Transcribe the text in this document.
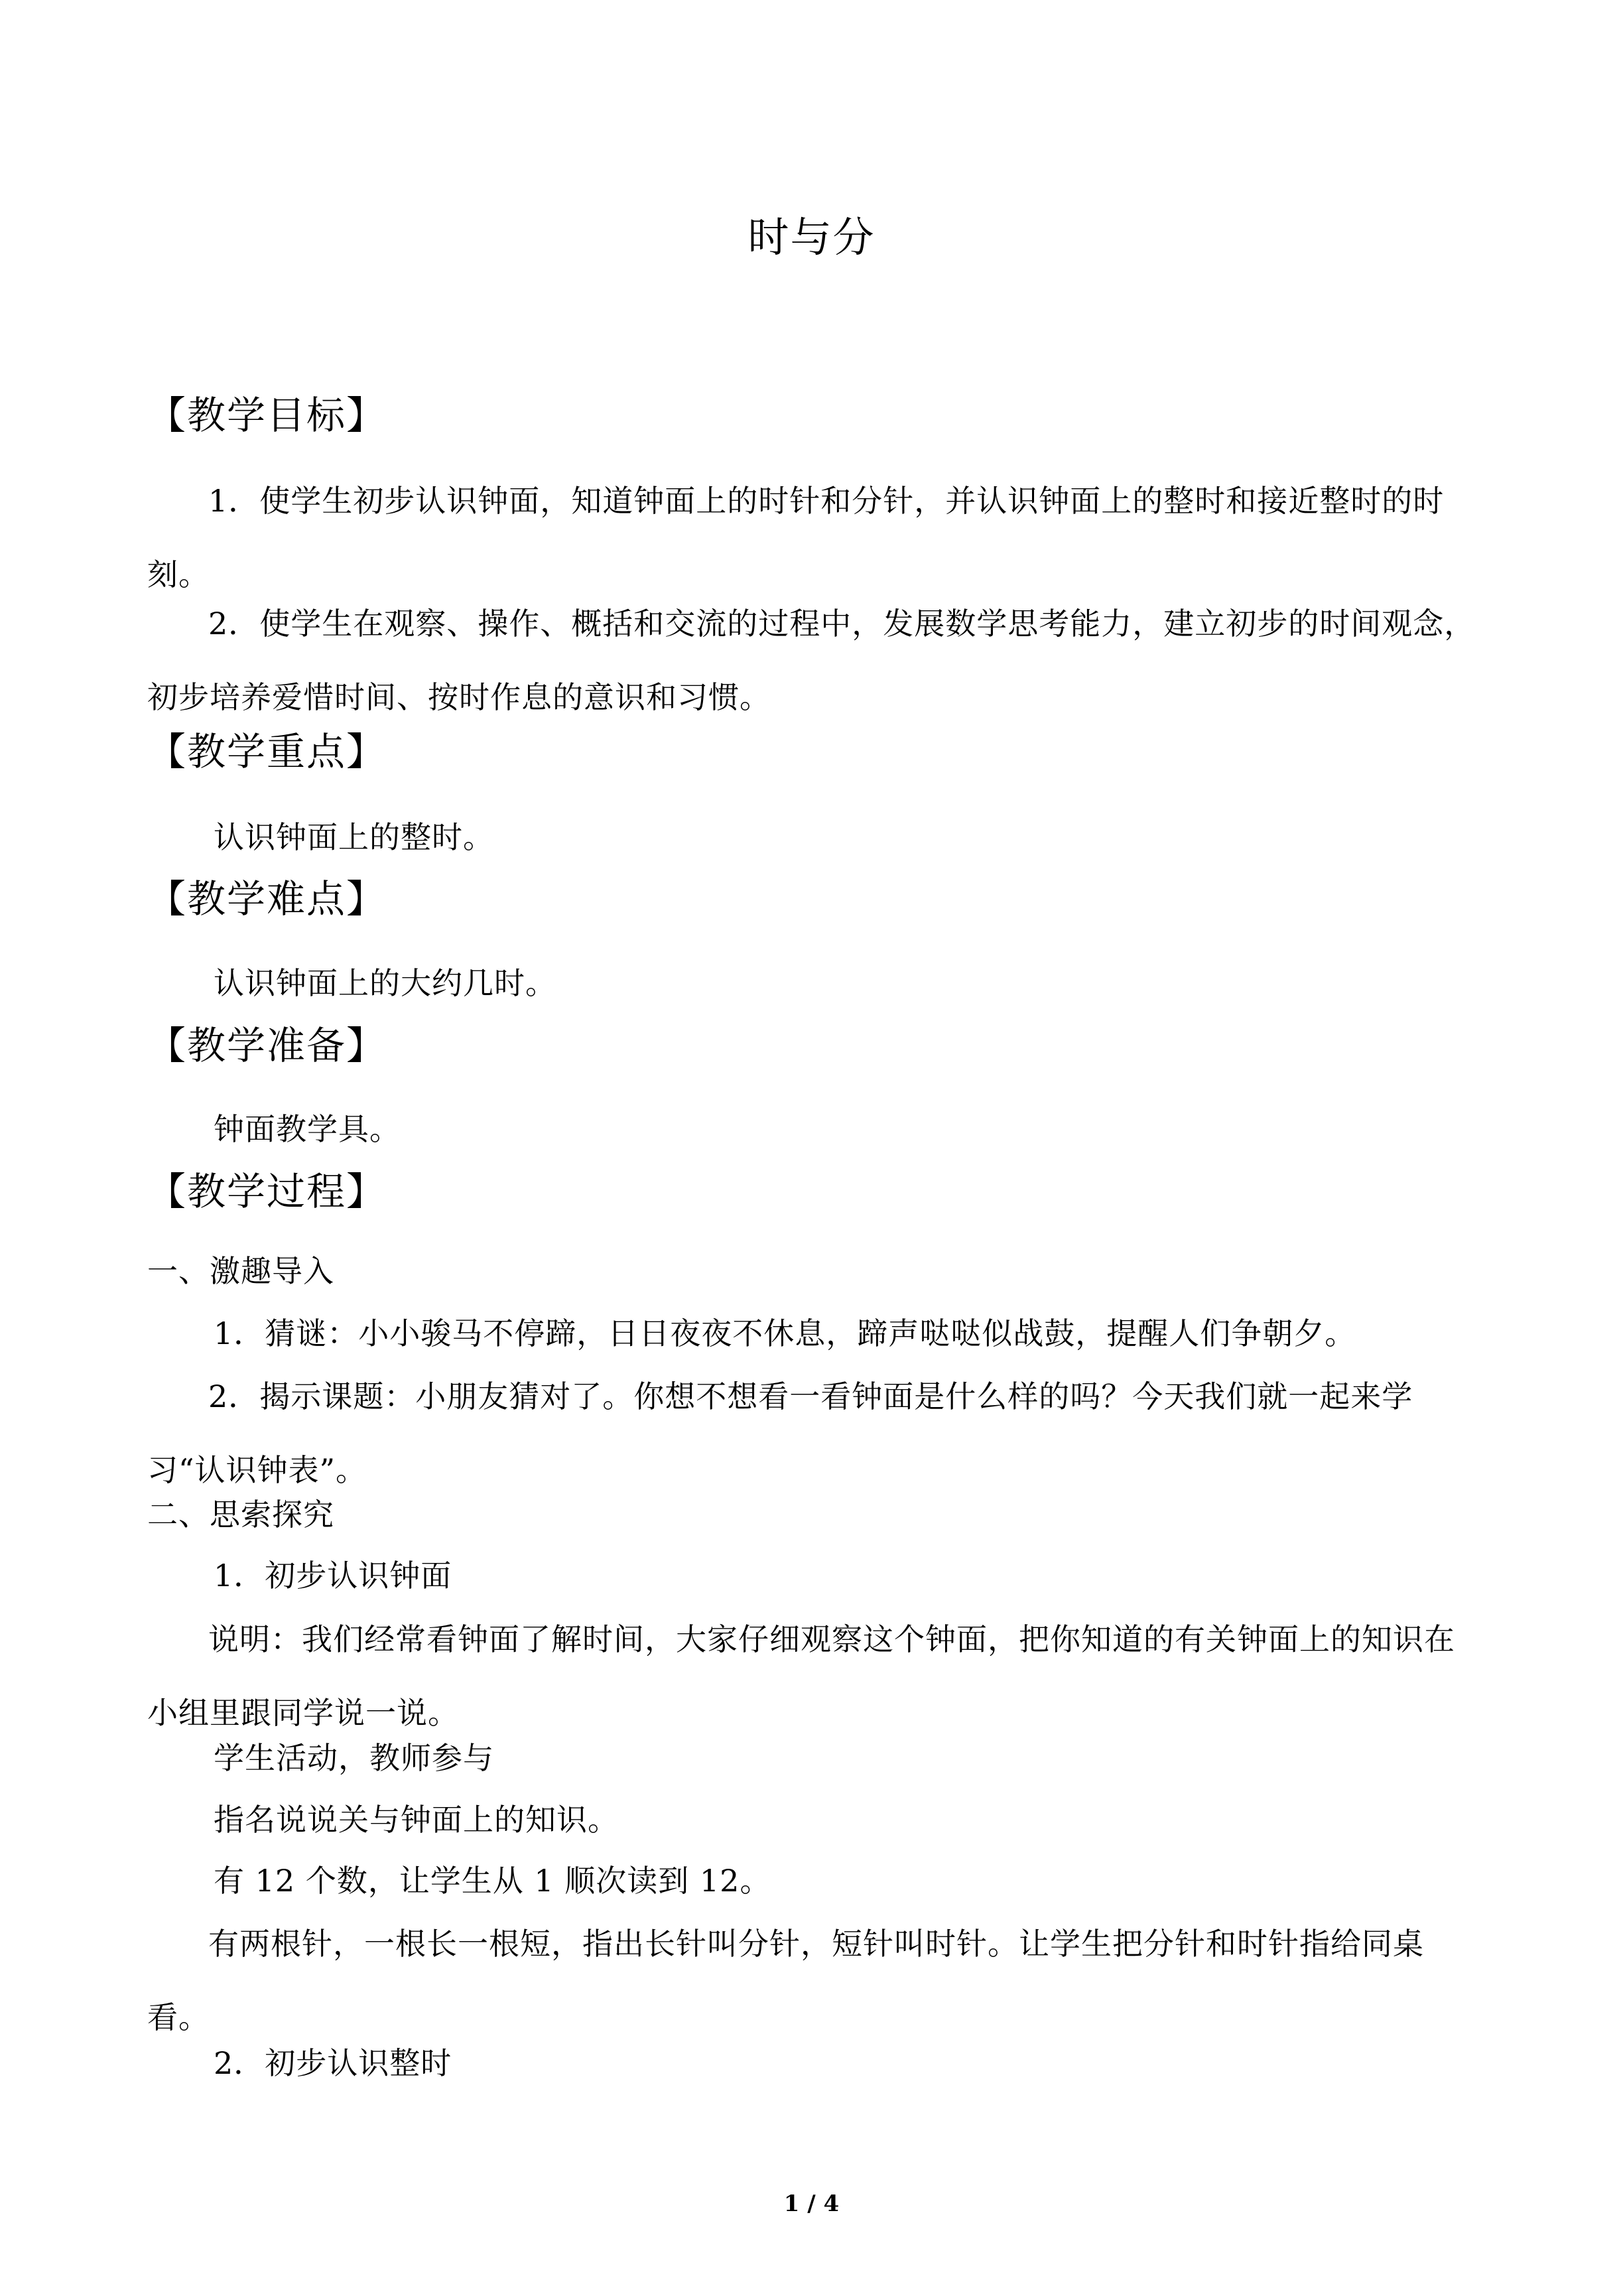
时与分
【教学目标】
1．使学生初步认识钟面，知道钟面上的时针和分针，并认识钟面上的整时和接近整时的时刻。
2．使学生在观察、操作、概括和交流的过程中，发展数学思考能力，建立初步的时间观念，初步培养爱惜时间、按时作息的意识和习惯。
【教学重点】
认识钟面上的整时。
【教学难点】
认识钟面上的大约几时。
【教学准备】
钟面教学具。
【教学过程】
一、激趣导入
1．猜谜：小小骏马不停蹄，日日夜夜不休息，蹄声哒哒似战鼓，提醒人们争朝夕。
2．揭示课题：小朋友猜对了。你想不想看一看钟面是什么样的吗？今天我们就一起来学习“认识钟表”。
二、思索探究
1．初步认识钟面
说明：我们经常看钟面了解时间，大家仔细观察这个钟面，把你知道的有关钟面上的知识在小组里跟同学说一说。
学生活动，教师参与
指名说说关与钟面上的知识。
有 12 个数，让学生从 1 顺次读到 12。
有两根针，一根长一根短，指出长针叫分针，短针叫时针。让学生把分针和时针指给同桌看。
2．初步认识整时
1 / 4
